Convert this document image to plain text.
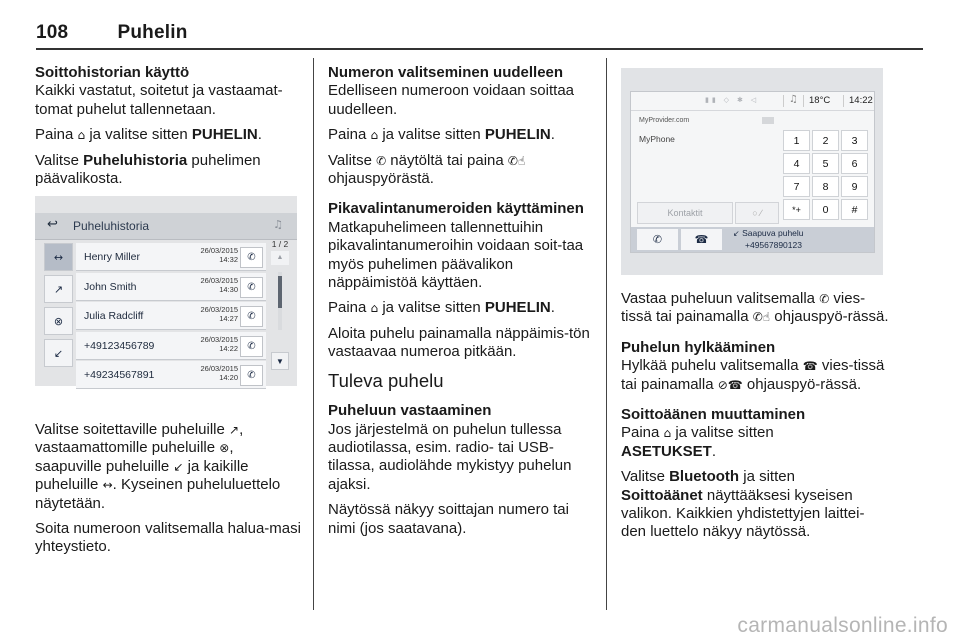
108	Puhelin

Soittohistorian käyttö

Kaikki vastatut, soitetut ja vastaamat-tomat puhelut tallennetaan.

Paina ⌂ ja valitse sitten PUHELIN.

Valitse Puheluhistoria puhelimen päävalikosta.

↩ Puheluhistoria	♫
↔
↗
⊗
↙
Henry Miller
26/03/2015
14:32 ✆
John Smith
26/03/2015
14:30 ✆
Julia Radcliff
26/03/2015
14:27 ✆
+49123456789
26/03/2015
14:22 ✆
+49234567891
26/03/2015
14:20 ✆
1 / 2
▲
▼

Valitse soitettaville puheluille ↗, vastaamattomille puheluille ⊗, saapuville puheluille ↙ ja kaikille puheluille ↔. Kyseinen puheluluettelo näytetään.

Soita numeroon valitsemalla halua-masi yhteystieto.

Numeron valitseminen uudelleen

Edelliseen numeroon voidaan soittaa uudelleen.

Paina ⌂ ja valitse sitten PUHELIN.

Valitse ✆ näytöltä tai paina ✆☝ ohjauspyörästä.

Pikavalintanumeroiden käyttäminen

Matkapuhelimeen tallennettuihin pikavalintanumeroihin voidaan soit-taa myös puhelimen päävalikon näppäimistöä käyttäen.

Paina ⌂ ja valitse sitten PUHELIN.

Aloita puhelu painamalla näppäimis-tön vastaavaa numeroa pitkään.

Tuleva puhelu

Puheluun vastaaminen

Jos järjestelmä on puhelun tullessa audiotilassa, esim. radio- tai USB-tilassa, audiolähde mykistyy puhelun ajaksi.

Näytössä näkyy soittajan numero tai nimi (jos saatavana).

▮▮ ◇ ✱ ◁	♫ 18°C 14:22
MyProvider.com
MyPhone	1	2	3
4	5	6
7	8	9
*+	0	#
Kontaktit	○ ∕
✆	☎	↙ Saapuva puhelu
+49567890123

Vastaa puheluun valitsemalla ✆ vies-tissä tai painamalla ✆☝ ohjauspyö-rässä.

Puhelun hylkääminen

Hylkää puhelu valitsemalla ☎ vies-tissä tai painamalla ⊘☎ ohjauspyö-rässä.

Soittoäänen muuttaminen

Paina ⌂ ja valitse sitten

ASETUKSET.

Valitse Bluetooth ja sitten

Soittoäänet näyttääksesi kyseisen valikon. Kaikkien yhdistettyjen laittei-den luettelo näkyy näytössä.

carmanualsonline.info
